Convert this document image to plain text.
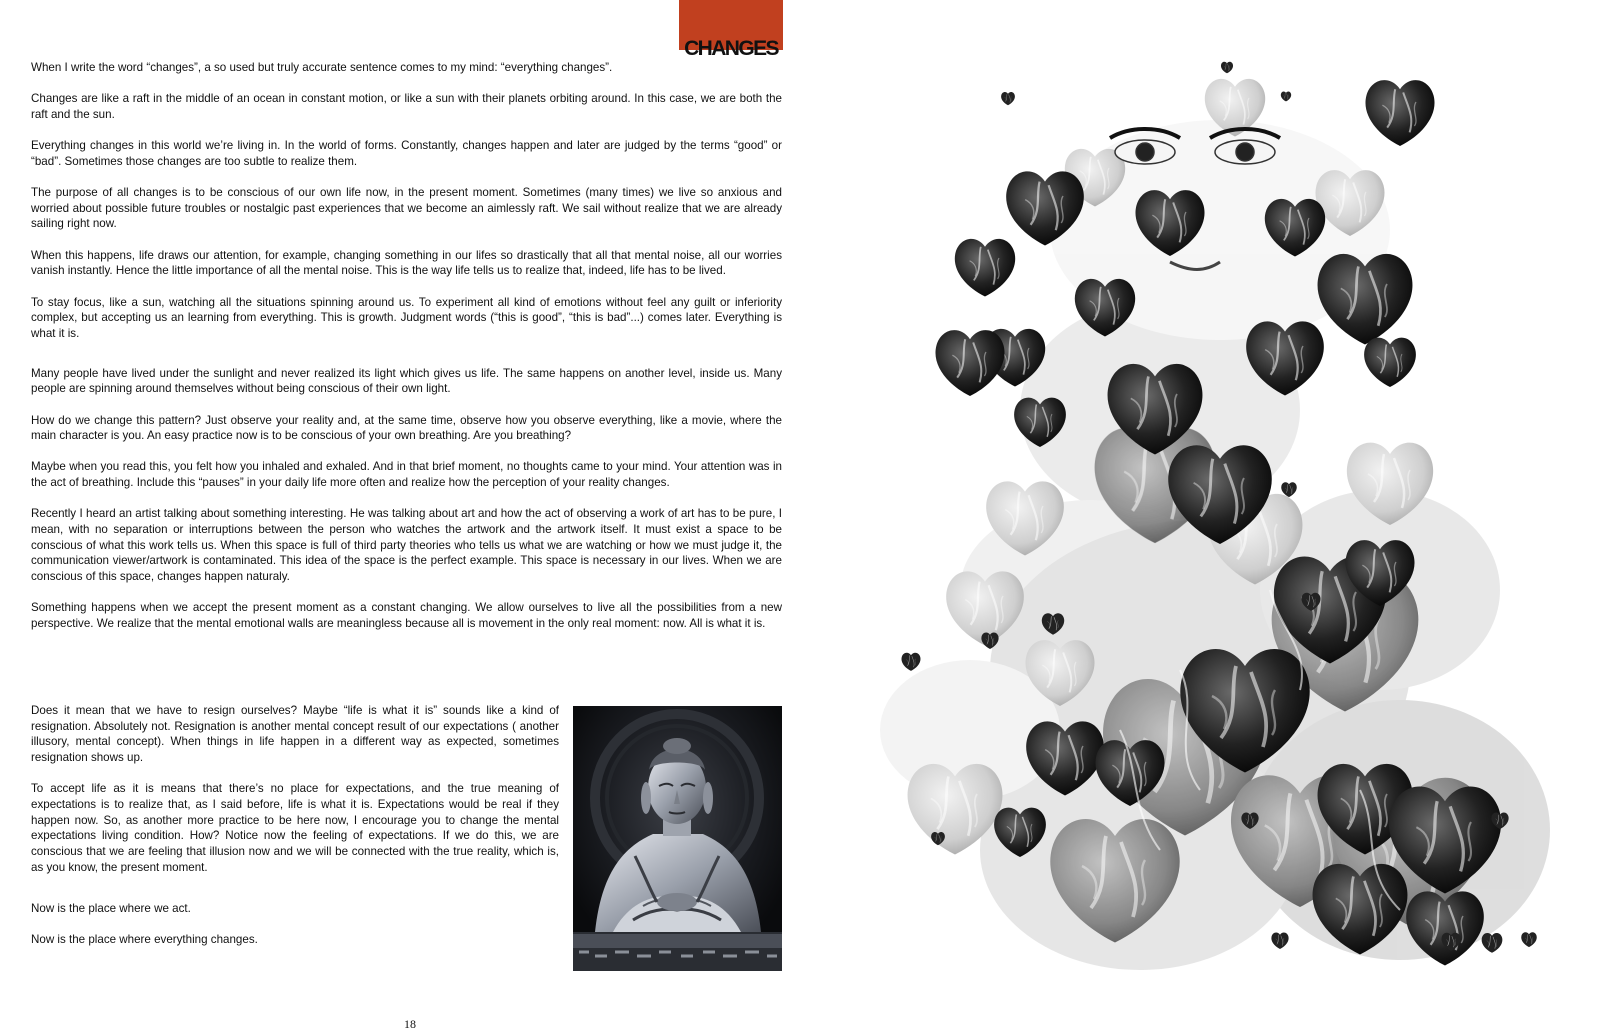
CHANGES

When I write the word “changes”, a so used but truly accurate sentence comes to my mind: “everything changes”.

Changes are like a raft in the middle of an ocean in constant motion, or like a sun with their planets orbiting around. In this case, we are both the raft and the sun.

Everything changes in this world we’re living in. In the world of forms. Constantly, changes happen and later are judged by the terms “good” or “bad”. Sometimes those changes are too subtle to realize them.

The purpose of all changes is to be conscious of our own life now, in the present moment. Sometimes (many times) we live so anxious and worried about possible future troubles or nostalgic past experiences that we become an aimlessly raft. We sail without realize that we are already sailing right now.

When this happens, life draws our attention, for example, changing something in our lifes so drastically that all that mental noise, all our worries vanish instantly. Hence the little importance of all the mental noise. This is the way life tells us to realize that, indeed, life has to be lived.

To stay focus, like a sun, watching all the situations spinning around us. To experiment all kind of emotions without feel any guilt or inferiority complex, but accepting us an learning from everything. This is growth. Judgment words (“this is good”, “this is bad”...) comes later. Everything is what it is.

Many people have lived under the sunlight and never realized its light which gives us life. The same happens on another level, inside us. Many people are spinning around themselves without being conscious of their own light.

How do we change this pattern? Just observe your reality and, at the same time, observe how you observe everything, like a movie, where the main character is you. An easy practice now is to be conscious of your own breathing. Are you breathing?

Maybe when you read this, you felt how you inhaled and exhaled. And in that brief moment, no thoughts came to your mind. Your attention was in the act of breathing. Include this “pauses” in your daily life more often and realize how the perception of your reality changes.

Recently I heard an artist talking about something interesting. He was talking about art and how the act of observing a work of art has to be pure, I mean, with no separation or interruptions between the person who watches the artwork and the artwork itself. It must exist a space to be conscious of what this work tells us. When this space is full of third party theories who tells us what we are watching or how we must judge it, the communication viewer/artwork is contaminated. This idea of the space is the perfect example. This space is necessary in our lives. When we are conscious of this space, changes happen naturaly.

Something happens when we accept the present moment as a constant changing. We allow ourselves to live all the possibilities from a new perspective. We realize that the mental emotional walls are meaningless because all is movement in the only real moment: now. All is what it is.

Does it mean that we have to resign ourselves? Maybe “life is what it is” sounds like a kind of resignation. Absolutely not. Resignation is another mental concept result of our expectations ( another illusory, mental concept). When things in life happen in a different way as expected, sometimes resignation shows up.

To accept life as it is means that there’s no place for expectations, and the true meaning of expectations is to realize that, as I said before, life is what it is. Expectations would be real if they happen now. So, as another more practice to be here now, I encourage you to change the mental expectations living condition. How? Notice now the feeling of expectations. If we do this, we are conscious that we are feeling that illusion now and we will be connected with the true reality, which is, as you know, the present moment.

Now is the place where we act.

Now is the place where everything changes.

18
